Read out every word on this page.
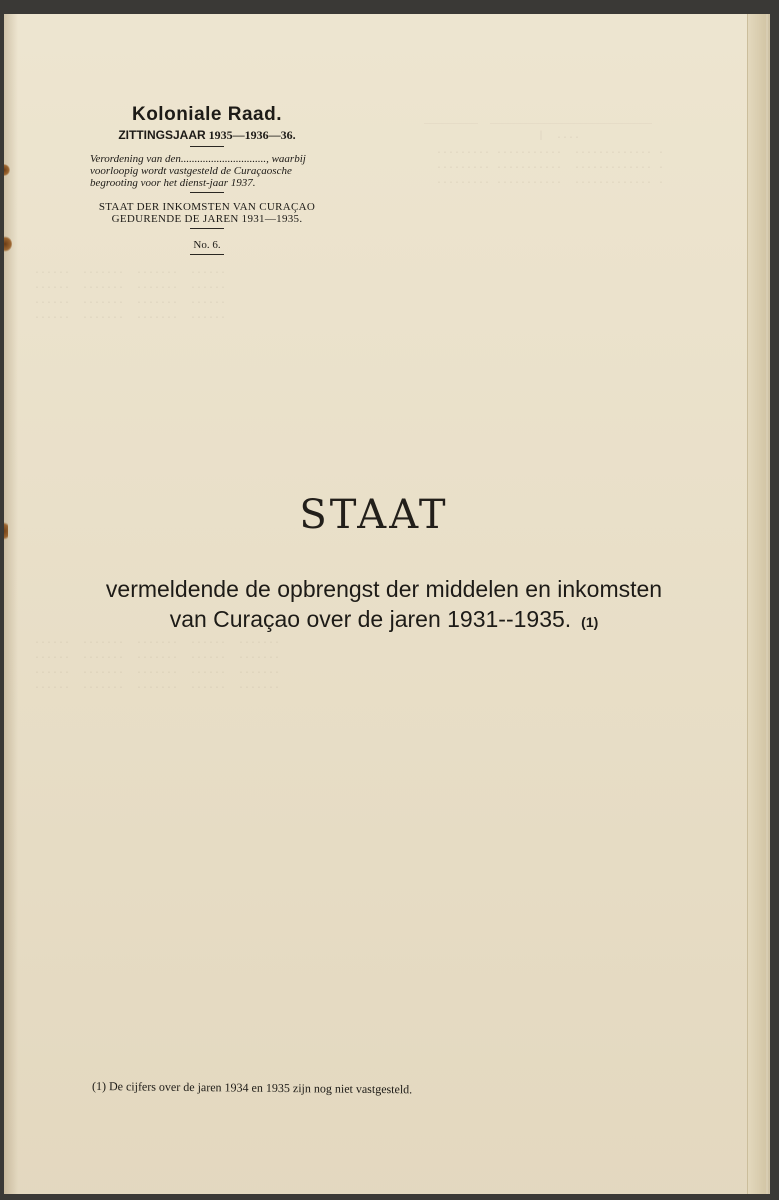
_________  ___________________________
|  ....
......... ...........  ............. .
......... ...........  ............. .
......... ...........  ............. .
......  .......  .......  ......
......  .......  .......  ......
......  .......  .......  ......
......  .......  .......  ......
......  .......  .......  ......  .......
......  .......  .......  ......  .......
......  .......  .......  ......  .......
......  .......  .......  ......  .......
Koloniale Raad.
ZITTINGSJAAR 1935—1936—36.
Verordening van den..............................., waarbij voorloopig wordt vastgesteld de Curaçaosche begrooting voor het dienst-jaar 1937.
STAAT DER INKOMSTEN VAN CURAÇAO
GEDURENDE DE JAREN 1931—1935.
No. 6.
STAAT
vermeldende de opbrengst der middelen en inkomsten
van Curaçao over de jaren 1931--1935. (1)
(1) De cijfers over de jaren 1934 en 1935 zijn nog niet vastgesteld.
